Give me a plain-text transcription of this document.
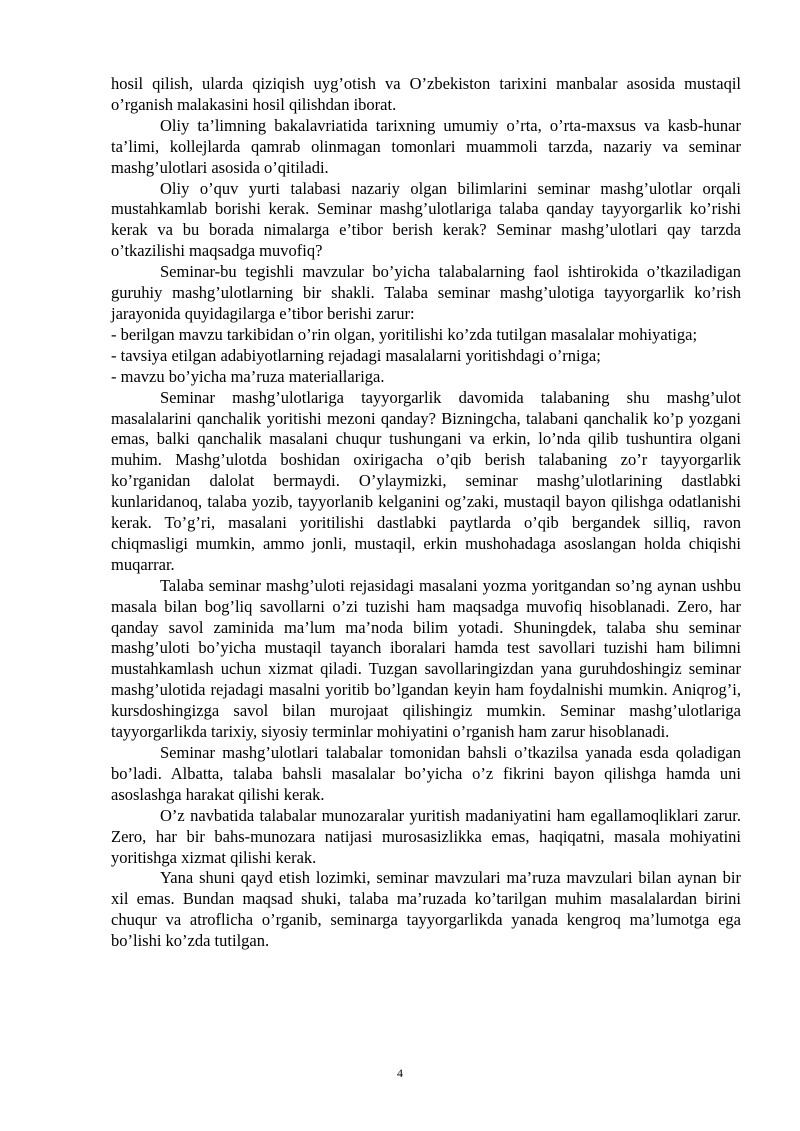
hosil qilish, ularda qiziqish uyg’otish va O’zbekiston tarixini manbalar asosida mustaqil o’rganish malakasini hosil qilishdan iborat.

Oliy ta’limning bakalavriatida tarixning umumiy o’rta, o’rta-maxsus va kasb-hunar ta’limi, kollejlarda qamrab olinmagan tomonlari muammoli tarzda, nazariy va seminar mashg’ulotlari asosida o’qitiladi.

Oliy o’quv yurti talabasi nazariy olgan bilimlarini seminar mashg’ulotlar orqali mustahkamlab borishi kerak. Seminar mashg’ulotlariga talaba qanday tayyorgarlik ko’rishi kerak va bu borada nimalarga e’tibor berish kerak? Seminar mashg’ulotlari qay tarzda o’tkazilishi maqsadga muvofiq?

Seminar-bu tegishli mavzular bo’yicha talabalarning faol ishtirokida o’tkaziladigan guruhiy mashg’ulotlarning bir shakli. Talaba seminar mashg’ulotiga tayyorgarlik ko’rish jarayonida quyidagilarga e’tibor berishi zarur:

- berilgan mavzu tarkibidan o’rin olgan, yoritilishi ko’zda tutilgan masalalar mohiyatiga;

- tavsiya etilgan adabiyotlarning rejadagi masalalarni yoritishdagi o’rniga;

- mavzu bo’yicha ma’ruza materiallariga.

Seminar mashg’ulotlariga tayyorgarlik davomida talabaning shu mashg’ulot masalalarini qanchalik yoritishi mezoni qanday? Bizningcha, talabani qanchalik ko’p yozgani emas, balki qanchalik masalani chuqur tushungani va erkin, lo’nda qilib tushuntira olgani muhim. Mashg’ulotda boshidan oxirigacha o’qib berish talabaning zo’r tayyorgarlik ko’rganidan dalolat bermaydi. O’ylaymizki, seminar mashg’ulotlarining dastlabki kunlaridanoq, talaba yozib, tayyorlanib kelganini og’zaki, mustaqil bayon qilishga odatlanishi kerak. To’g’ri, masalani yoritilishi dastlabki paytlarda o’qib bergandek silliq, ravon chiqmasligi mumkin, ammo jonli, mustaqil, erkin mushohadaga asoslangan holda chiqishi muqarrar.

Talaba seminar mashg’uloti rejasidagi masalani yozma yoritgandan so’ng aynan ushbu masala bilan bog’liq savollarni o’zi tuzishi ham maqsadga muvofiq hisoblanadi. Zero, har qanday savol zaminida ma’lum ma’noda bilim yotadi. Shuningdek, talaba shu seminar mashg’uloti bo’yicha mustaqil tayanch iboralari hamda test savollari tuzishi ham bilimni mustahkamlash uchun xizmat qiladi. Tuzgan savollaringizdan yana guruhdoshingiz seminar mashg’ulotida rejadagi masalni yoritib bo’lgandan keyin ham foydalnishi mumkin. Aniqrog’i, kursdoshingizga savol bilan murojaat qilishingiz mumkin. Seminar mashg’ulotlariga tayyorgarlikda tarixiy, siyosiy terminlar mohiyatini o’rganish ham zarur hisoblanadi.

Seminar mashg’ulotlari talabalar tomonidan bahsli o’tkazilsa yanada esda qoladigan bo’ladi. Albatta, talaba bahsli masalalar bo’yicha o’z fikrini bayon qilishga hamda uni asoslashga harakat qilishi kerak.

O’z navbatida talabalar munozaralar yuritish madaniyatini ham egallamoqliklari zarur. Zero, har bir bahs-munozara natijasi murosasizlikka emas, haqiqatni, masala mohiyatini yoritishga xizmat qilishi kerak.

Yana shuni qayd etish lozimki, seminar mavzulari ma’ruza mavzulari bilan aynan bir xil emas. Bundan maqsad shuki, talaba ma’ruzada ko’tarilgan muhim masalalardan birini chuqur va atroflicha o’rganib, seminarga tayyorgarlikda yanada kengroq ma’lumotga ega bo’lishi ko’zda tutilgan.

4
